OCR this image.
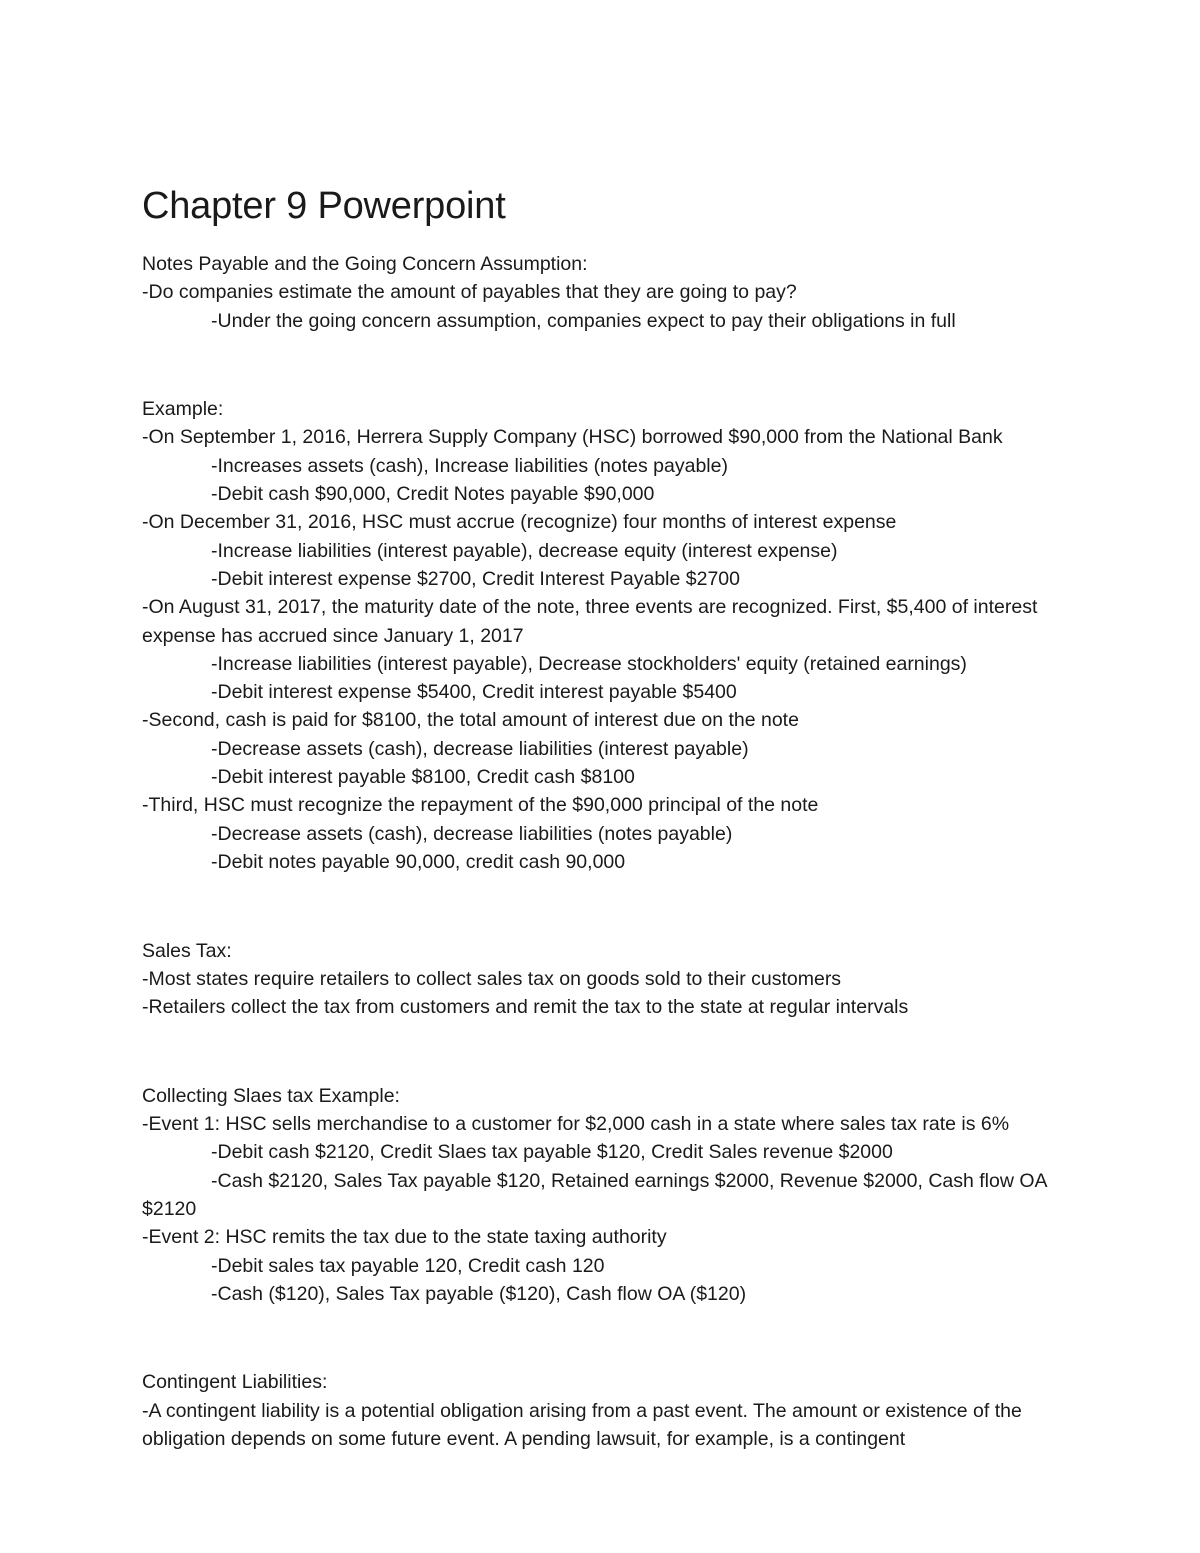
Chapter 9 Powerpoint

Notes Payable and the Going Concern Assumption:

-Do companies estimate the amount of payables that they are going to pay?

-Under the going concern assumption, companies expect to pay their obligations in full

Example:

-On September 1, 2016, Herrera Supply Company (HSC) borrowed $90,000 from the National Bank

-Increases assets (cash), Increase liabilities (notes payable)

-Debit cash $90,000, Credit Notes payable $90,000

-On December 31, 2016, HSC must accrue (recognize) four months of interest expense

-Increase liabilities (interest payable), decrease equity (interest expense)

-Debit interest expense $2700, Credit Interest Payable $2700

-On August 31, 2017, the maturity date of the note, three events are recognized. First, $5,400 of interest expense has accrued since January 1, 2017

-Increase liabilities (interest payable), Decrease stockholders' equity (retained earnings)

-Debit interest expense $5400, Credit interest payable $5400

-Second, cash is paid for $8100, the total amount of interest due on the note

-Decrease assets (cash), decrease liabilities (interest payable)

-Debit interest payable $8100, Credit cash $8100

-Third, HSC must recognize the repayment of the $90,000 principal of the note

-Decrease assets (cash), decrease liabilities (notes payable)

-Debit notes payable 90,000, credit cash 90,000

Sales Tax:

-Most states require retailers to collect sales tax on goods sold to their customers

-Retailers collect the tax from customers and remit the tax to the state at regular intervals

Collecting Slaes tax Example:

-Event 1: HSC sells merchandise to a customer for $2,000 cash in a state where sales tax rate is 6%

-Debit cash $2120, Credit Slaes tax payable $120, Credit Sales revenue $2000

-Cash $2120, Sales Tax payable $120, Retained earnings $2000, Revenue $2000, Cash flow OA $2120

-Event 2: HSC remits the tax due to the state taxing authority

-Debit sales tax payable 120, Credit cash 120

-Cash ($120), Sales Tax payable ($120), Cash flow OA ($120)

Contingent Liabilities:

-A contingent liability is a potential obligation arising from a past event. The amount or existence of the obligation depends on some future event. A pending lawsuit, for example, is a contingent
